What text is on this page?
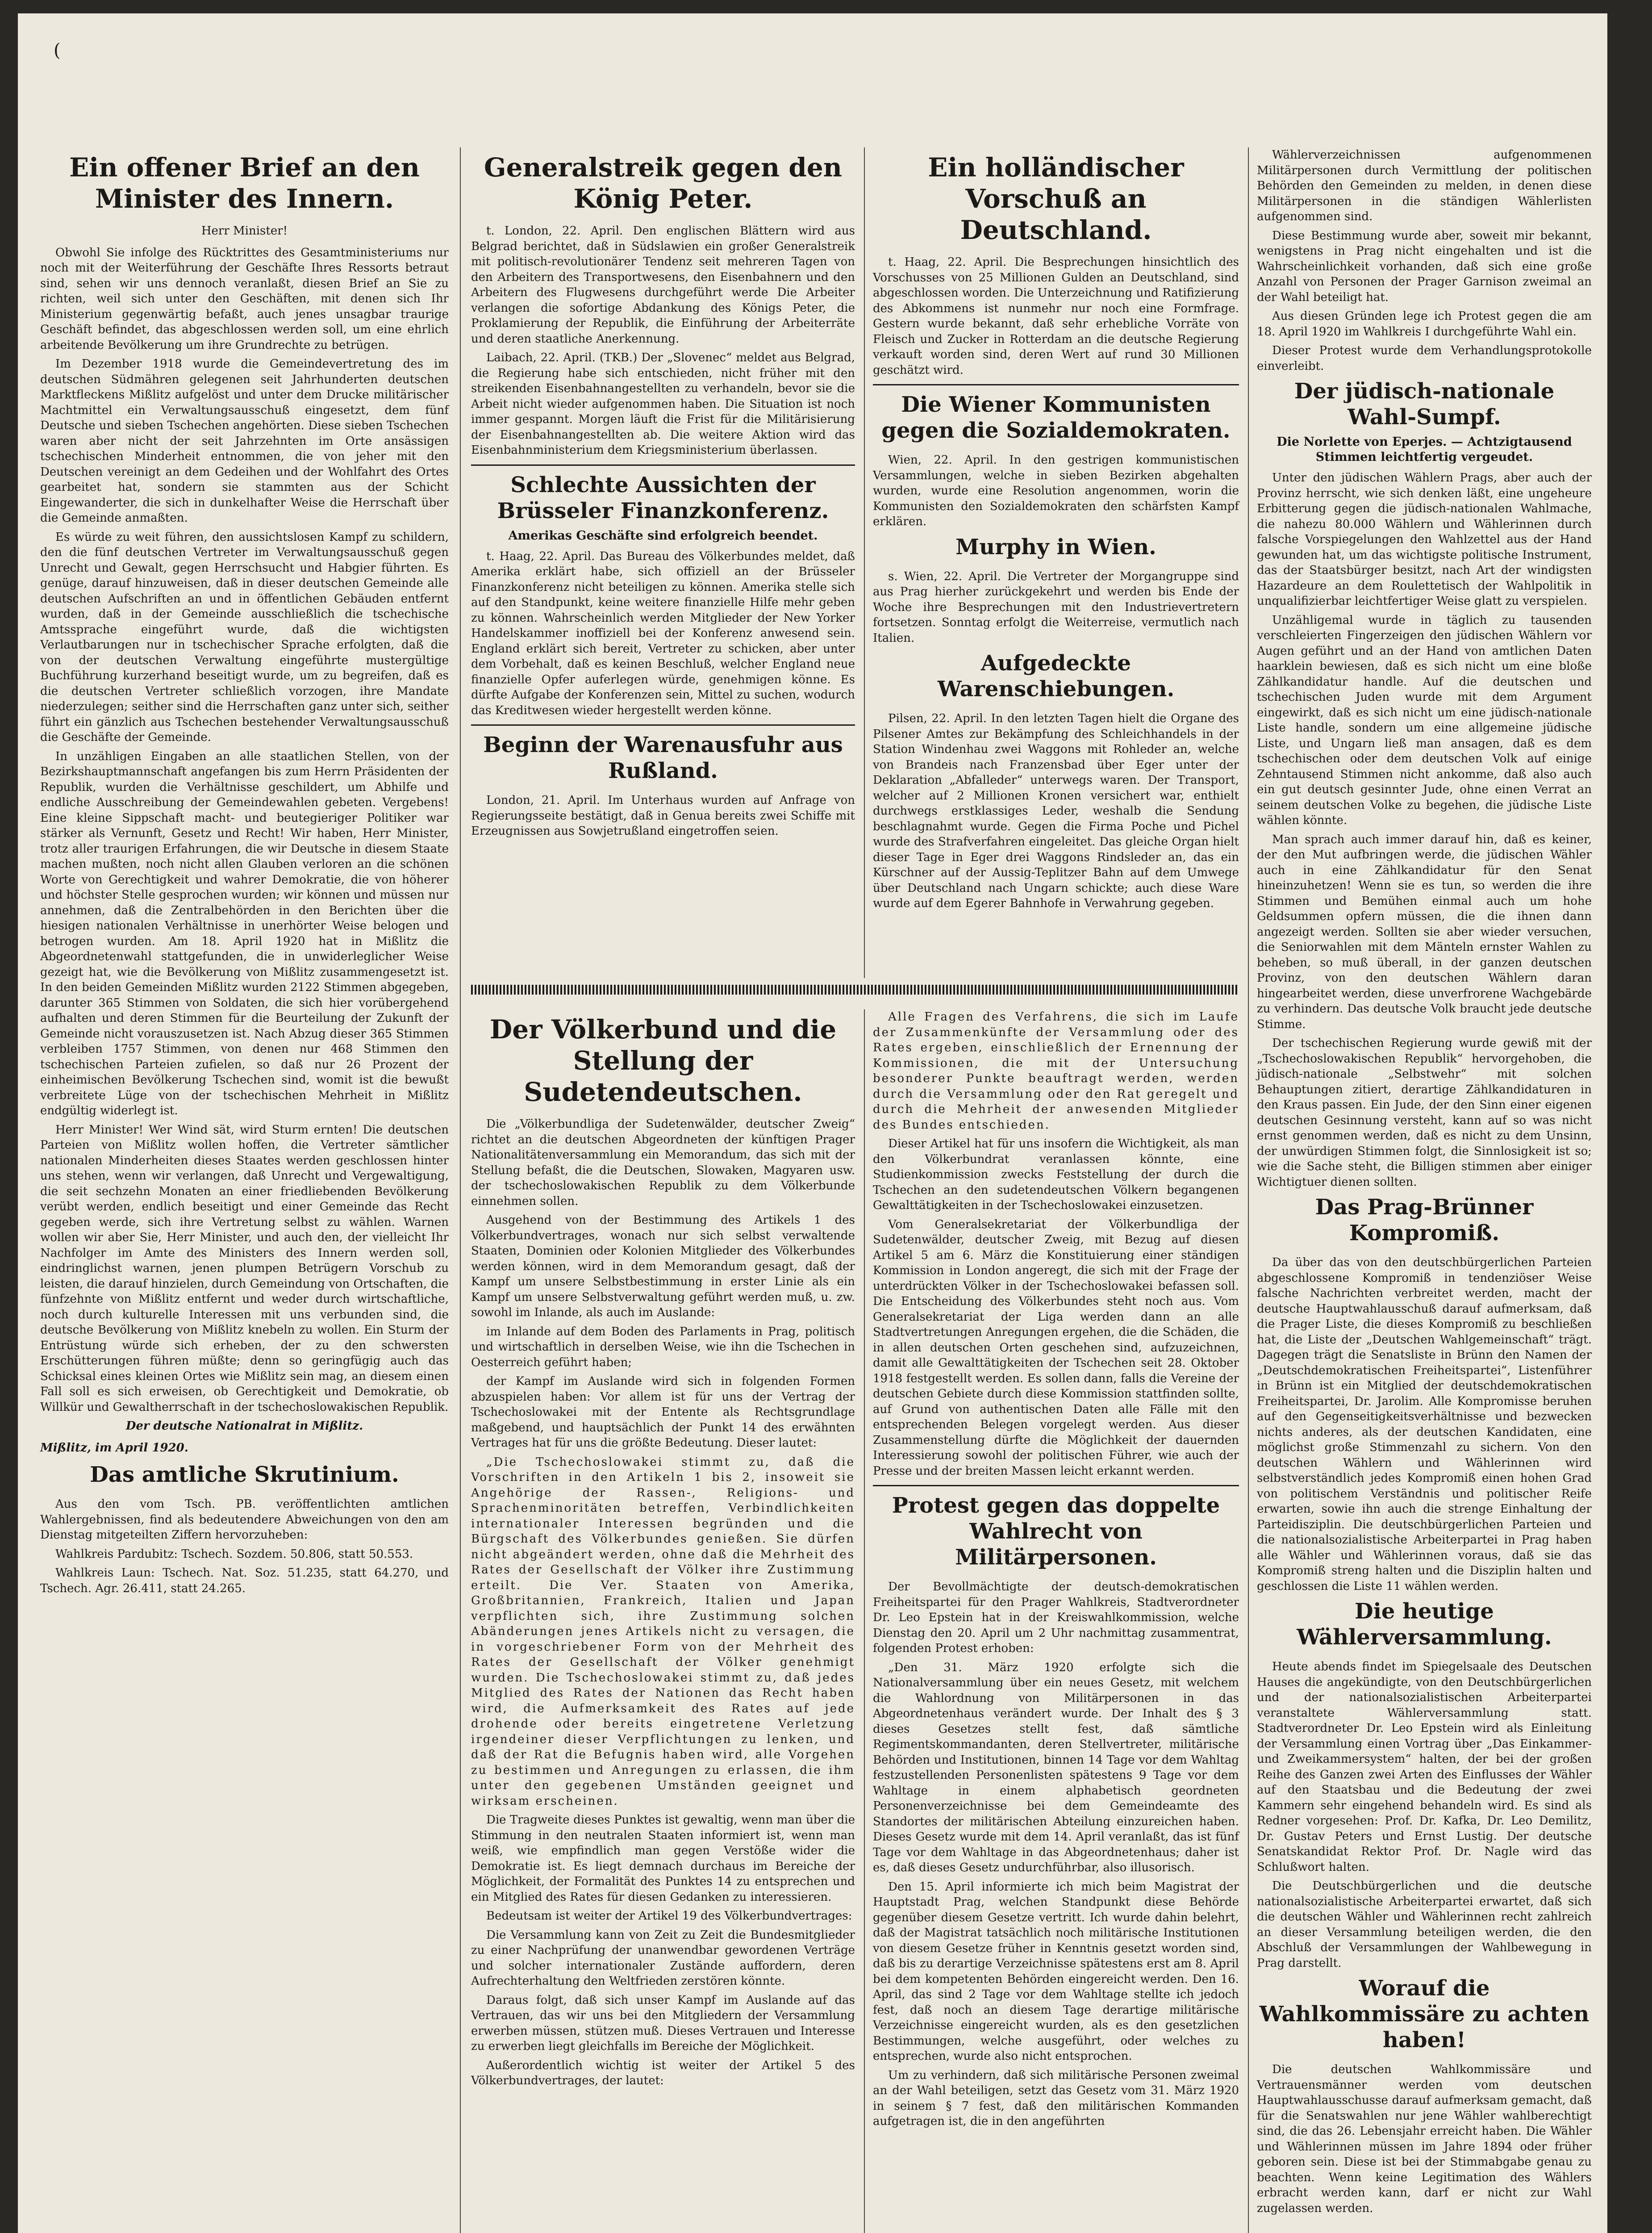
(
Ein offener Brief an den Minister des Innern.
Herr Minister!

Obwohl Sie infolge des Rücktrittes des Gesamtministeriums nur noch mit der Weiterführung der Geschäfte Ihres Ressorts betraut sind, sehen wir uns dennoch veranlaßt, diesen Brief an Sie zu richten, weil sich unter den Geschäften, mit denen sich Ihr Ministerium gegenwärtig befaßt, auch jenes unsagbar traurige Geschäft befindet, das abgeschlossen werden soll, um eine ehrlich arbeitende Bevölkerung um ihre Grundrechte zu betrügen.

Im Dezember 1918 wurde die Gemeindevertretung des im deutschen Südmähren gelegenen seit Jahrhunderten deutschen Marktfleckens Mißlitz aufgelöst und unter dem Drucke militärischer Machtmittel ein Verwaltungsausschuß eingesetzt, dem fünf Deutsche und sieben Tschechen angehörten. Diese sieben Tschechen waren aber nicht der seit Jahrzehnten im Orte ansässigen tschechischen Minderheit entnommen, die von jeher mit den Deutschen vereinigt an dem Gedeihen und der Wohlfahrt des Ortes gearbeitet hat, sondern sie stammten aus der Schicht Eingewanderter, die sich in dunkelhafter Weise die Herrschaft über die Gemeinde anmaßten.

Es würde zu weit führen, den aussichtslosen Kampf zu schildern, den die fünf deutschen Vertreter im Verwaltungsausschuß gegen Unrecht und Gewalt, gegen Herrschsucht und Habgier führten. Es genüge, darauf hinzuweisen, daß in dieser deutschen Gemeinde alle deutschen Aufschriften an und in öffentlichen Gebäuden entfernt wurden, daß in der Gemeinde ausschließlich die tschechische Amtssprache eingeführt wurde, daß die wichtigsten Verlautbarungen nur in tschechischer Sprache erfolgten, daß die von der deutschen Verwaltung eingeführte mustergültige Buchführung kurzerhand beseitigt wurde, um zu begreifen, daß es die deutschen Vertreter schließlich vorzogen, ihre Mandate niederzulegen; seither sind die Herrschaften ganz unter sich, seither führt ein gänzlich aus Tschechen bestehender Verwaltungsausschuß die Geschäfte der Gemeinde.

In unzähligen Eingaben an alle staatlichen Stellen, von der Bezirkshauptmannschaft angefangen bis zum Herrn Präsidenten der Republik, wurden die Verhältnisse geschildert, um Abhilfe und endliche Ausschreibung der Gemeindewahlen gebeten. Vergebens! Eine kleine Sippschaft macht- und beutegieriger Politiker war stärker als Vernunft, Gesetz und Recht! Wir haben, Herr Minister, trotz aller traurigen Erfahrungen, die wir Deutsche in diesem Staate machen mußten, noch nicht allen Glauben verloren an die schönen Worte von Gerechtigkeit und wahrer Demokratie, die von höherer und höchster Stelle gesprochen wurden; wir können und müssen nur annehmen, daß die Zentralbehörden in den Berichten über die hiesigen nationalen Verhältnisse in unerhörter Weise belogen und betrogen wurden. Am 18. April 1920 hat in Mißlitz die Abgeordnetenwahl stattgefunden, die in unwiderleglicher Weise gezeigt hat, wie die Bevölkerung von Mißlitz zusammengesetzt ist. In den beiden Gemeinden Mißlitz wurden 2122 Stimmen abgegeben, darunter 365 Stimmen von Soldaten, die sich hier vorübergehend aufhalten und deren Stimmen für die Beurteilung der Zukunft der Gemeinde nicht vorauszusetzen ist. Nach Abzug dieser 365 Stimmen verbleiben 1757 Stimmen, von denen nur 468 Stimmen den tschechischen Parteien zufielen, so daß nur 26 Prozent der einheimischen Bevölkerung Tschechen sind, womit ist die bewußt verbreitete Lüge von der tschechischen Mehrheit in Mißlitz endgültig widerlegt ist.

Herr Minister! Wer Wind sät, wird Sturm ernten! Die deutschen Parteien von Mißlitz wollen hoffen, die Vertreter sämtlicher nationalen Minderheiten dieses Staates werden geschlossen hinter uns stehen, wenn wir verlangen, daß Unrecht und Vergewaltigung, die seit sechzehn Monaten an einer friedliebenden Bevölkerung verübt werden, endlich beseitigt und einer Gemeinde das Recht gegeben werde, sich ihre Vertretung selbst zu wählen. Warnen wollen wir aber Sie, Herr Minister, und auch den, der vielleicht Ihr Nachfolger im Amte des Ministers des Innern werden soll, eindringlichst warnen, jenen plumpen Betrügern Vorschub zu leisten, die darauf hinzielen, durch Gemeindung von Ortschaften, die fünfzehnte von Mißlitz entfernt und weder durch wirtschaftliche, noch durch kulturelle Interessen mit uns verbunden sind, die deutsche Bevölkerung von Mißlitz knebeln zu wollen. Ein Sturm der Entrüstung würde sich erheben, der zu den schwersten Erschütterungen führen müßte; denn so geringfügig auch das Schicksal eines kleinen Ortes wie Mißlitz sein mag, an diesem einen Fall soll es sich erweisen, ob Gerechtigkeit und Demokratie, ob Willkür und Gewaltherrschaft in der tschechoslowakischen Republik.

Der deutsche Nationalrat in Mißlitz.
Mißlitz, im April 1920.
Das amtliche Skrutinium.

Aus den vom Tsch. PB. veröffentlichten amtlichen Wahlergebnissen, find als bedeutendere Abweichungen von den am Dienstag mitgeteilten Ziffern hervorzuheben:

Wahlkreis Pardubitz: Tschech. Sozdem. 50.806, statt 50.553.

Wahlkreis Laun: Tschech. Nat. Soz. 51.235, statt 64.270, und Tschech. Agr. 26.411, statt 24.265.

Generalstreik gegen den König Peter.

t. London, 22. April. Den englischen Blättern wird aus Belgrad berichtet, daß in Südslawien ein großer Generalstreik mit politisch-revolutionärer Tendenz seit mehreren Tagen von den Arbeitern des Transportwesens, den Eisenbahnern und den Arbeitern des Flugwesens durchgeführt werde Die Arbeiter verlangen die sofortige Abdankung des Königs Peter, die Proklamierung der Republik, die Einführung der Arbeiterräte und deren staatliche Anerkennung.

Laibach, 22. April. (TKB.) Der „Slovenec“ meldet aus Belgrad, die Regierung habe sich entschieden, nicht früher mit den streikenden Eisenbahnangestellten zu verhandeln, bevor sie die Arbeit nicht wieder aufgenommen haben. Die Situation ist noch immer gespannt. Morgen läuft die Frist für die Militärisierung der Eisenbahnangestellten ab. Die weitere Aktion wird das Eisenbahnministerium dem Kriegsministerium überlassen.

Schlechte Aussichten der Brüsseler Finanzkonferenz.
Amerikas Geschäfte sind erfolgreich beendet.

t. Haag, 22. April. Das Bureau des Völkerbundes meldet, daß Amerika erklärt habe, sich offiziell an der Brüsseler Finanzkonferenz nicht beteiligen zu können. Amerika stelle sich auf den Standpunkt, keine weitere finanzielle Hilfe mehr geben zu können. Wahrscheinlich werden Mitglieder der New Yorker Handelskammer inoffiziell bei der Konferenz anwesend sein. England erklärt sich bereit, Vertreter zu schicken, aber unter dem Vorbehalt, daß es keinen Beschluß, welcher England neue finanzielle Opfer auferlegen würde, genehmigen könne. Es dürfte Aufgabe der Konferenzen sein, Mittel zu suchen, wodurch das Kreditwesen wieder hergestellt werden könne.

Beginn der Warenausfuhr aus Rußland.

London, 21. April. Im Unterhaus wurden auf Anfrage von Regierungsseite bestätigt, daß in Genua bereits zwei Schiffe mit Erzeugnissen aus Sowjetrußland eingetroffen seien.

Ein holländischer Vorschuß an Deutschland.

t. Haag, 22. April. Die Besprechungen hinsichtlich des Vorschusses von 25 Millionen Gulden an Deutschland, sind abgeschlossen worden. Die Unterzeichnung und Ratifizierung des Abkommens ist nunmehr nur noch eine Formfrage. Gestern wurde bekannt, daß sehr erhebliche Vorräte von Fleisch und Zucker in Rotterdam an die deutsche Regierung verkauft worden sind, deren Wert auf rund 30 Millionen geschätzt wird.

Die Wiener Kommunisten gegen die Sozialdemokraten.

Wien, 22. April. In den gestrigen kommunistischen Versammlungen, welche in sieben Bezirken abgehalten wurden, wurde eine Resolution angenommen, worin die Kommunisten den Sozialdemokraten den schärfsten Kampf erklären.

Murphy in Wien.

s. Wien, 22. April. Die Vertreter der Morgangruppe sind aus Prag hierher zurückgekehrt und werden bis Ende der Woche ihre Besprechungen mit den Industrievertretern fortsetzen. Sonntag erfolgt die Weiterreise, vermutlich nach Italien.

Aufgedeckte Warenschiebungen.

Pilsen, 22. April. In den letzten Tagen hielt die Organe des Pilsener Amtes zur Bekämpfung des Schleichhandels in der Station Windenhau zwei Waggons mit Rohleder an, welche von Brandeis nach Franzensbad über Eger unter der Deklaration „Abfalleder“ unterwegs waren. Der Transport, welcher auf 2 Millionen Kronen versichert war, enthielt durchwegs erstklassiges Leder, weshalb die Sendung beschlagnahmt wurde. Gegen die Firma Poche und Pichel wurde des Strafverfahren eingeleitet. Das gleiche Organ hielt dieser Tage in Eger drei Waggons Rindsleder an, das ein Kürschner auf der Aussig-Teplitzer Bahn auf dem Umwege über Deutschland nach Ungarn schickte; auch diese Ware wurde auf dem Egerer Bahnhofe in Verwahrung gegeben.

Der Völkerbund und die Stellung der Sudetendeutschen.

Die „Völkerbundliga der Sudetenwälder, deutscher Zweig“ richtet an die deutschen Abgeordneten der künftigen Prager Nationalitätenversammlung ein Memorandum, das sich mit der Stellung befaßt, die die Deutschen, Slowaken, Magyaren usw. der tschechoslowakischen Republik zu dem Völkerbunde einnehmen sollen.

Ausgehend von der Bestimmung des Artikels 1 des Völkerbundvertrages, wonach nur sich selbst verwaltende Staaten, Dominien oder Kolonien Mitglieder des Völkerbundes werden können, wird in dem Memorandum gesagt, daß der Kampf um unsere Selbstbestimmung in erster Linie als ein Kampf um unsere Selbstverwaltung geführt werden muß, u. zw. sowohl im Inlande, als auch im Auslande:

im Inlande auf dem Boden des Parlaments in Prag, politisch und wirtschaftlich in derselben Weise, wie ihn die Tschechen in Oesterreich geführt haben;

der Kampf im Auslande wird sich in folgenden Formen abzuspielen haben: Vor allem ist für uns der Vertrag der Tschechoslowakei mit der Entente als Rechtsgrundlage maßgebend, und hauptsächlich der Punkt 14 des erwähnten Vertrages hat für uns die größte Bedeutung. Dieser lautet:

„Die Tschechoslowakei stimmt zu, daß die Vorschriften in den Artikeln 1 bis 2, insoweit sie Angehörige der Rassen-, Religions- und Sprachenminoritäten betreffen, Verbindlichkeiten internationaler Interessen begründen und die Bürgschaft des Völkerbundes genießen. Sie dürfen nicht abgeändert werden, ohne daß die Mehrheit des Rates der Gesellschaft der Völker ihre Zustimmung erteilt. Die Ver. Staaten von Amerika, Großbritannien, Frankreich, Italien und Japan verpflichten sich, ihre Zustimmung solchen Abänderungen jenes Artikels nicht zu versagen, die in vorgeschriebener Form von der Mehrheit des Rates der Gesellschaft der Völker genehmigt wurden. Die Tschechoslowakei stimmt zu, daß jedes Mitglied des Rates der Nationen das Recht haben wird, die Aufmerksamkeit des Rates auf jede drohende oder bereits eingetretene Verletzung irgendeiner dieser Verpflichtungen zu lenken, und daß der Rat die Befugnis haben wird, alle Vorgehen zu bestimmen und Anregungen zu erlassen, die ihm unter den gegebenen Umständen geeignet und wirksam erscheinen.

Die Tragweite dieses Punktes ist gewaltig, wenn man über die Stimmung in den neutralen Staaten informiert ist, wenn man weiß, wie empfindlich man gegen Verstöße wider die Demokratie ist. Es liegt demnach durchaus im Bereiche der Möglichkeit, der Formalität des Punktes 14 zu entsprechen und ein Mitglied des Rates für diesen Gedanken zu interessieren.

Bedeutsam ist weiter der Artikel 19 des Völkerbundvertrages:

Die Versammlung kann von Zeit zu Zeit die Bundesmitglieder zu einer Nachprüfung der unanwendbar gewordenen Verträge und solcher internationaler Zustände auffordern, deren Aufrechterhaltung den Weltfrieden zerstören könnte.

Daraus folgt, daß sich unser Kampf im Auslande auf das Vertrauen, das wir uns bei den Mitgliedern der Versammlung erwerben müssen, stützen muß. Dieses Vertrauen und Interesse zu erwerben liegt gleichfalls im Bereiche der Möglichkeit.

Außerordentlich wichtig ist weiter der Artikel 5 des Völkerbundvertrages, der lautet:

Alle Fragen des Verfahrens, die sich im Laufe der Zusammenkünfte der Versammlung oder des Rates ergeben, einschließlich der Ernennung der Kommissionen, die mit der Untersuchung besonderer Punkte beauftragt werden, werden durch die Versammlung oder den Rat geregelt und durch die Mehrheit der anwesenden Mitglieder des Bundes entschieden.

Dieser Artikel hat für uns insofern die Wichtigkeit, als man den Völkerbundrat veranlassen könnte, eine Studienkommission zwecks Feststellung der durch die Tschechen an den sudetendeutschen Völkern begangenen Gewalttätigkeiten in der Tschechoslowakei einzusetzen.

Vom Generalsekretariat der Völkerbundliga der Sudetenwälder, deutscher Zweig, mit Bezug auf diesen Artikel 5 am 6. März die Konstituierung einer ständigen Kommission in London angeregt, die sich mit der Frage der unterdrückten Völker in der Tschechoslowakei befassen soll. Die Entscheidung des Völkerbundes steht noch aus. Vom Generalsekretariat der Liga werden dann an alle Stadtvertretungen Anregungen ergehen, die die Schäden, die in allen deutschen Orten geschehen sind, aufzuzeichnen, damit alle Gewalttätigkeiten der Tschechen seit 28. Oktober 1918 festgestellt werden. Es sollen dann, falls die Vereine der deutschen Gebiete durch diese Kommission stattfinden sollte, auf Grund von authentischen Daten alle Fälle mit den entsprechenden Belegen vorgelegt werden. Aus dieser Zusammenstellung dürfte die Möglichkeit der dauernden Interessierung sowohl der politischen Führer, wie auch der Presse und der breiten Massen leicht erkannt werden.

Protest gegen das doppelte Wahlrecht von Militärpersonen.

Der Bevollmächtigte der deutsch-demokratischen Freiheitspartei für den Prager Wahlkreis, Stadtverordneter Dr. Leo Epstein hat in der Kreiswahlkommission, welche Dienstag den 20. April um 2 Uhr nachmittag zusammentrat, folgenden Protest erhoben:

„Den 31. März 1920 erfolgte sich die Nationalversammlung über ein neues Gesetz, mit welchem die Wahlordnung von Militärpersonen in das Abgeordnetenhaus verändert wurde. Der Inhalt des § 3 dieses Gesetzes stellt fest, daß sämtliche Regimentskommandanten, deren Stellvertreter, militärische Behörden und Institutionen, binnen 14 Tage vor dem Wahltag festzustellenden Personenlisten spätestens 9 Tage vor dem Wahltage in einem alphabetisch geordneten Personenverzeichnisse bei dem Gemeindeamte des Standortes der militärischen Abteilung einzureichen haben. Dieses Gesetz wurde mit dem 14. April veranlaßt, das ist fünf Tage vor dem Wahltage in das Abgeordnetenhaus; daher ist es, daß dieses Gesetz undurchführbar, also illusorisch.

Den 15. April informierte ich mich beim Magistrat der Hauptstadt Prag, welchen Standpunkt diese Behörde gegenüber diesem Gesetze vertritt. Ich wurde dahin belehrt, daß der Magistrat tatsächlich noch militärische Institutionen von diesem Gesetze früher in Kenntnis gesetzt worden sind, daß bis zu derartige Verzeichnisse spätestens erst am 8. April bei dem kompetenten Behörden eingereicht werden. Den 16. April, das sind 2 Tage vor dem Wahltage stellte ich jedoch fest, daß noch an diesem Tage derartige militärische Verzeichnisse eingereicht wurden, als es den gesetzlichen Bestimmungen, welche ausgeführt, oder welches zu entsprechen, wurde also nicht entsprochen.

Um zu verhindern, daß sich militärische Personen zweimal an der Wahl beteiligen, setzt das Gesetz vom 31. März 1920 in seinem § 7 fest, daß den militärischen Kommanden aufgetragen ist, die in den angeführten

Wählerverzeichnissen aufgenommenen Militärpersonen durch Vermittlung der politischen Behörden den Gemeinden zu melden, in denen diese Militärpersonen in die ständigen Wählerlisten aufgenommen sind.

Diese Bestimmung wurde aber, soweit mir bekannt, wenigstens in Prag nicht eingehalten und ist die Wahrscheinlichkeit vorhanden, daß sich eine große Anzahl von Personen der Prager Garnison zweimal an der Wahl beteiligt hat.

Aus diesen Gründen lege ich Protest gegen die am 18. April 1920 im Wahlkreis I durchgeführte Wahl ein.

Dieser Protest wurde dem Verhandlungsprotokolle einverleibt.

Der jüdisch-nationale Wahl-Sumpf.
Die Norlette von Eperjes. — Achtzigtausend Stimmen leichtfertig vergeudet.

Unter den jüdischen Wählern Prags, aber auch der Provinz herrscht, wie sich denken läßt, eine ungeheure Erbitterung gegen die jüdisch-nationalen Wahlmache, die nahezu 80.000 Wählern und Wählerinnen durch falsche Vorspiegelungen den Wahlzettel aus der Hand gewunden hat, um das wichtigste politische Instrument, das der Staatsbürger besitzt, nach Art der windigsten Hazardeure an dem Roulettetisch der Wahlpolitik in unqualifizierbar leichtfertiger Weise glatt zu verspielen.

Unzähligemal wurde in täglich zu tausenden verschleierten Fingerzeigen den jüdischen Wählern vor Augen geführt und an der Hand von amtlichen Daten haarklein bewiesen, daß es sich nicht um eine bloße Zählkandidatur handle. Auf die deutschen und tschechischen Juden wurde mit dem Argument eingewirkt, daß es sich nicht um eine jüdisch-nationale Liste handle, sondern um eine allgemeine jüdische Liste, und Ungarn ließ man ansagen, daß es dem tschechischen oder dem deutschen Volk auf einige Zehntausend Stimmen nicht ankomme, daß also auch ein gut deutsch gesinnter Jude, ohne einen Verrat an seinem deutschen Volke zu begehen, die jüdische Liste wählen könnte.

Man sprach auch immer darauf hin, daß es keiner, der den Mut aufbringen werde, die jüdischen Wähler auch in eine Zählkandidatur für den Senat hineinzuhetzen! Wenn sie es tun, so werden die ihre Stimmen und Bemühen einmal auch um hohe Geldsummen opfern müssen, die die ihnen dann angezeigt werden. Sollten sie aber wieder versuchen, die Seniorwahlen mit dem Mänteln ernster Wahlen zu beheben, so muß überall, in der ganzen deutschen Provinz, von den deutschen Wählern daran hingearbeitet werden, diese unverfrorene Wachgebärde zu verhindern. Das deutsche Volk braucht jede deutsche Stimme.

Der tschechischen Regierung wurde gewiß mit der „Tschechoslowakischen Republik“ hervorgehoben, die jüdisch-nationale „Selbstwehr“ mit solchen Behauptungen zitiert, derartige Zählkandidaturen in den Kraus passen. Ein Jude, der den Sinn einer eigenen deutschen Gesinnung versteht, kann auf so was nicht ernst genommen werden, daß es nicht zu dem Unsinn, der unwürdigen Stimmen folgt, die Sinnlosigkeit ist so; wie die Sache steht, die Billigen stimmen aber einiger Wichtigtuer dienen sollten.

Das Prag-Brünner Kompromiß.

Da über das von den deutschbürgerlichen Parteien abgeschlossene Kompromiß in tendenziöser Weise falsche Nachrichten verbreitet werden, macht der deutsche Hauptwahlausschuß darauf aufmerksam, daß die Prager Liste, die dieses Kompromiß zu beschließen hat, die Liste der „Deutschen Wahlgemeinschaft“ trägt. Dagegen trägt die Senatsliste in Brünn den Namen der „Deutschdemokratischen Freiheitspartei“, Listenführer in Brünn ist ein Mitglied der deutschdemokratischen Freiheitspartei, Dr. Jarolim. Alle Kompromisse beruhen auf den Gegenseitigkeitsverhältnisse und bezwecken nichts anderes, als der deutschen Kandidaten, eine möglichst große Stimmenzahl zu sichern. Von den deutschen Wählern und Wählerinnen wird selbstverständlich jedes Kompromiß einen hohen Grad von politischem Verständnis und politischer Reife erwarten, sowie ihn auch die strenge Einhaltung der Parteidisziplin. Die deutschbürgerlichen Parteien und die nationalsozialistische Arbeiterpartei in Prag haben alle Wähler und Wählerinnen voraus, daß sie das Kompromiß streng halten und die Disziplin halten und geschlossen die Liste 11 wählen werden.

Die heutige Wählerversammlung.

Heute abends findet im Spiegelsaale des Deutschen Hauses die angekündigte, von den Deutschbürgerlichen und der nationalsozialistischen Arbeiterpartei veranstaltete Wählerversammlung statt. Stadtverordneter Dr. Leo Epstein wird als Einleitung der Versammlung einen Vortrag über „Das Einkammer- und Zweikammersystem“ halten, der bei der großen Reihe des Ganzen zwei Arten des Einflusses der Wähler auf den Staatsbau und die Bedeutung der zwei Kammern sehr eingehend behandeln wird. Es sind als Redner vorgesehen: Prof. Dr. Kafka, Dr. Leo Demilitz, Dr. Gustav Peters und Ernst Lustig. Der deutsche Senatskandidat Rektor Prof. Dr. Nagle wird das Schlußwort halten.

Die Deutschbürgerlichen und die deutsche nationalsozialistische Arbeiterpartei erwartet, daß sich die deutschen Wähler und Wählerinnen recht zahlreich an dieser Versammlung beteiligen werden, die den Abschluß der Versammlungen der Wahlbewegung in Prag darstellt.

Worauf die Wahlkommissäre zu achten haben!

Die deutschen Wahlkommissäre und Vertrauensmänner werden vom deutschen Hauptwahlausschusse darauf aufmerksam gemacht, daß für die Senatswahlen nur jene Wähler wahlberechtigt sind, die das 26. Lebensjahr erreicht haben. Die Wähler und Wählerinnen müssen im Jahre 1894 oder früher geboren sein. Diese ist bei der Stimmabgabe genau zu beachten. Wenn keine Legitimation des Wählers erbracht werden kann, darf er nicht zur Wahl zugelassen werden.
